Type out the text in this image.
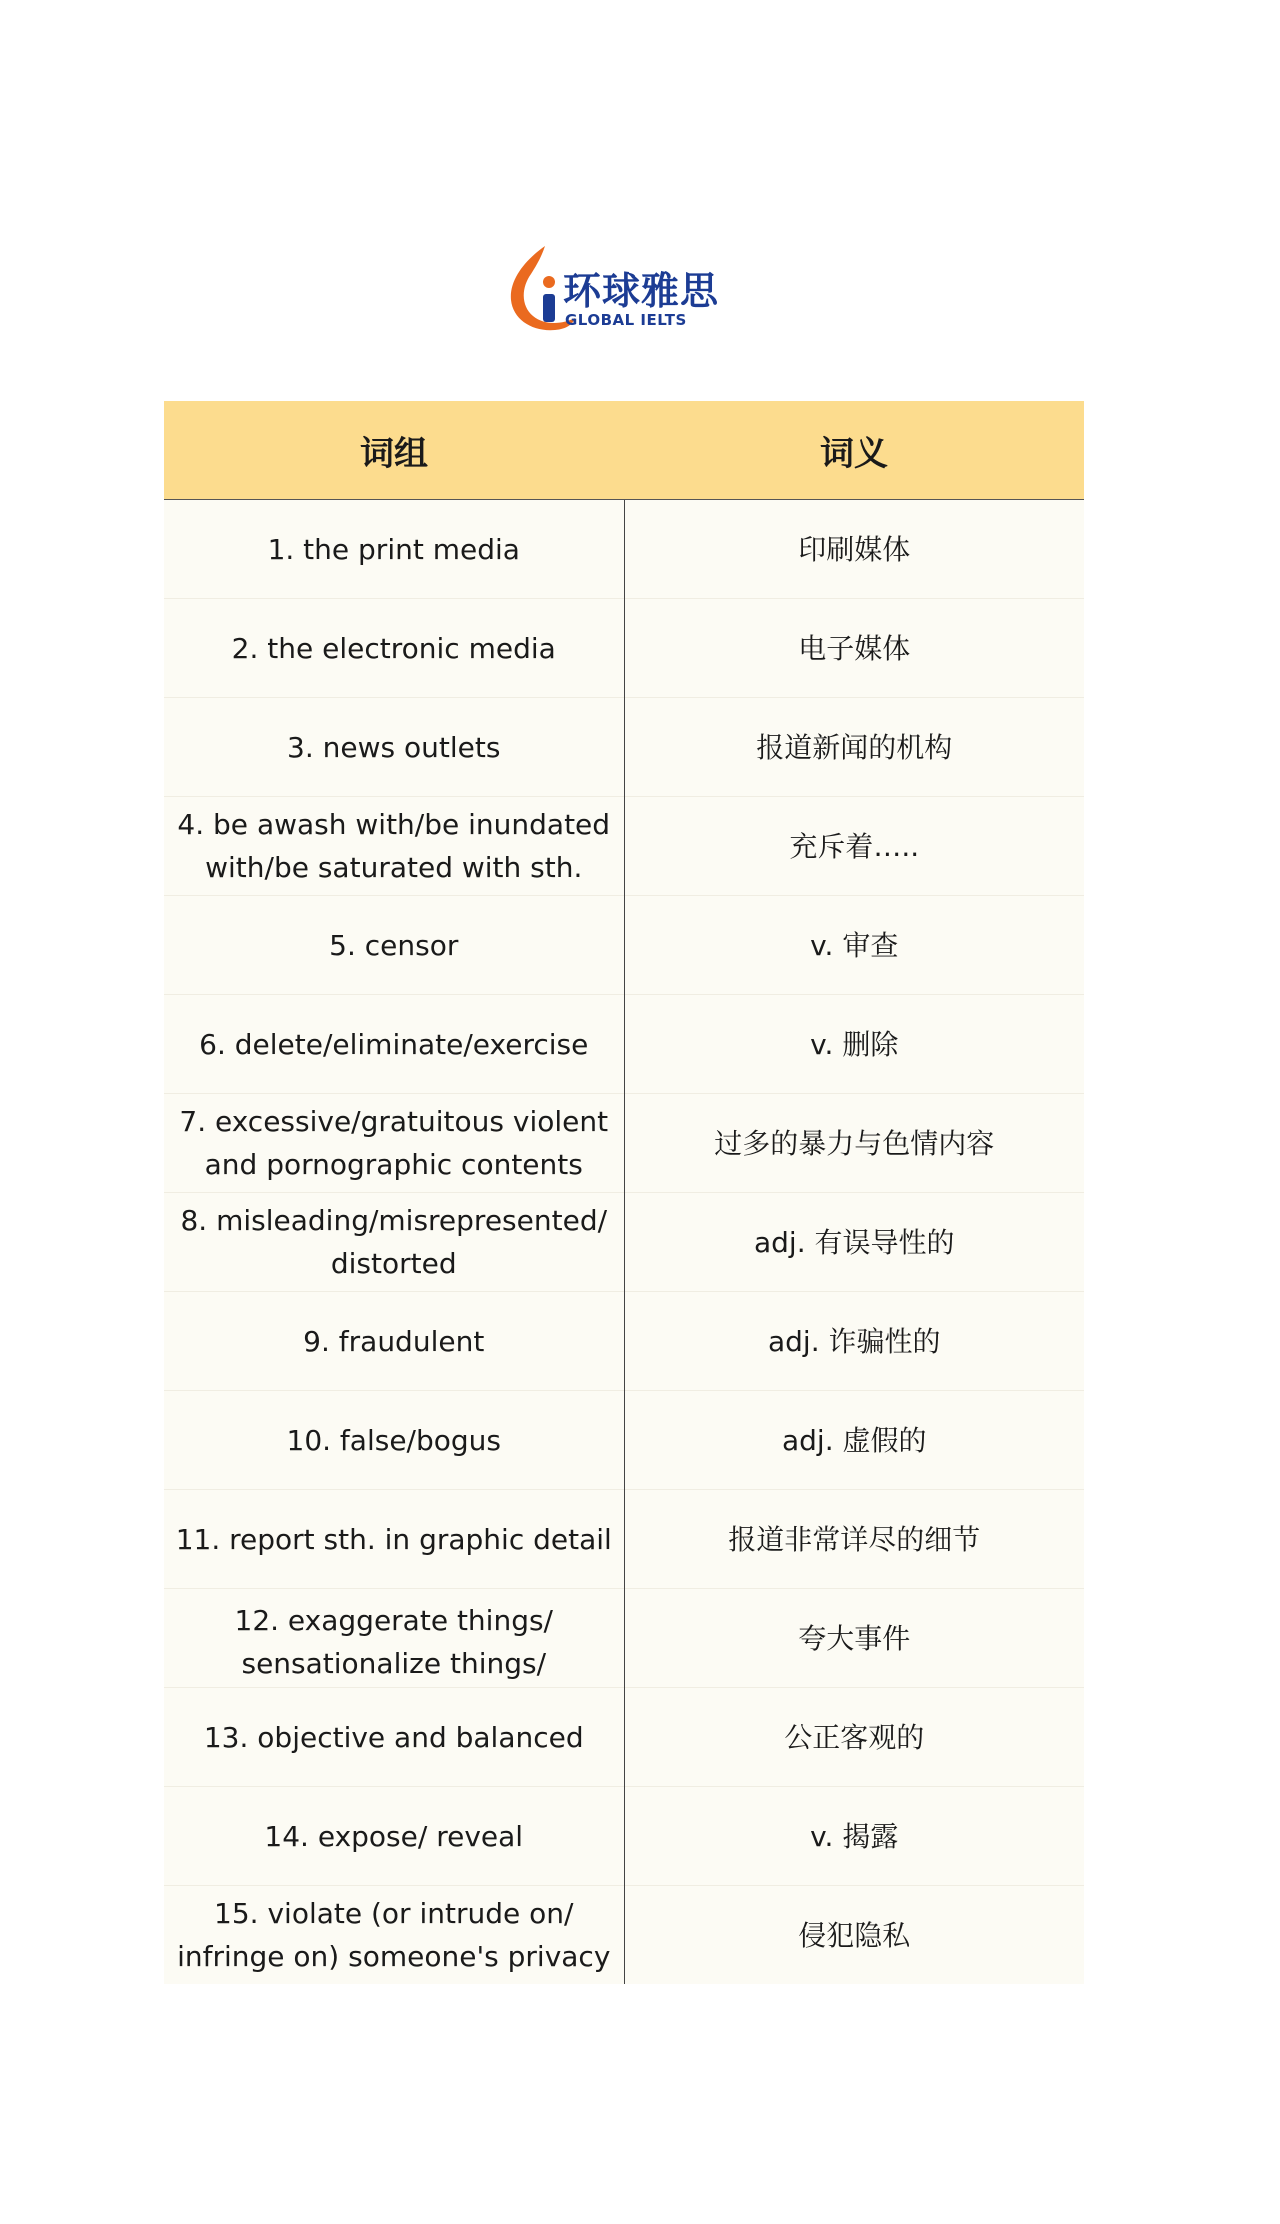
环球雅思
GLOBAL IELTS
词组	词义

1. the print media	印刷媒体

2. the electronic media	电子媒体

3. news outlets	报道新闻的机构

4. be awash with/be inundated with/be saturated with sth.	充斥着…..

5. censor	v. 审查

6. delete/eliminate/exercise	v. 删除

7. excessive/gratuitous violent and pornographic contents	过多的暴力与色情内容

8. misleading/misrepresented/ distorted	adj. 有误导性的

9. fraudulent	adj. 诈骗性的

10. false/bogus	adj. 虚假的

11. report sth. in graphic detail	报道非常详尽的细节

12. exaggerate things/ sensationalize things/	夸大事件

13. objective and balanced	公正客观的

14. expose/ reveal	v. 揭露

15. violate (or intrude on/ infringe on) someone's privacy	侵犯隐私
